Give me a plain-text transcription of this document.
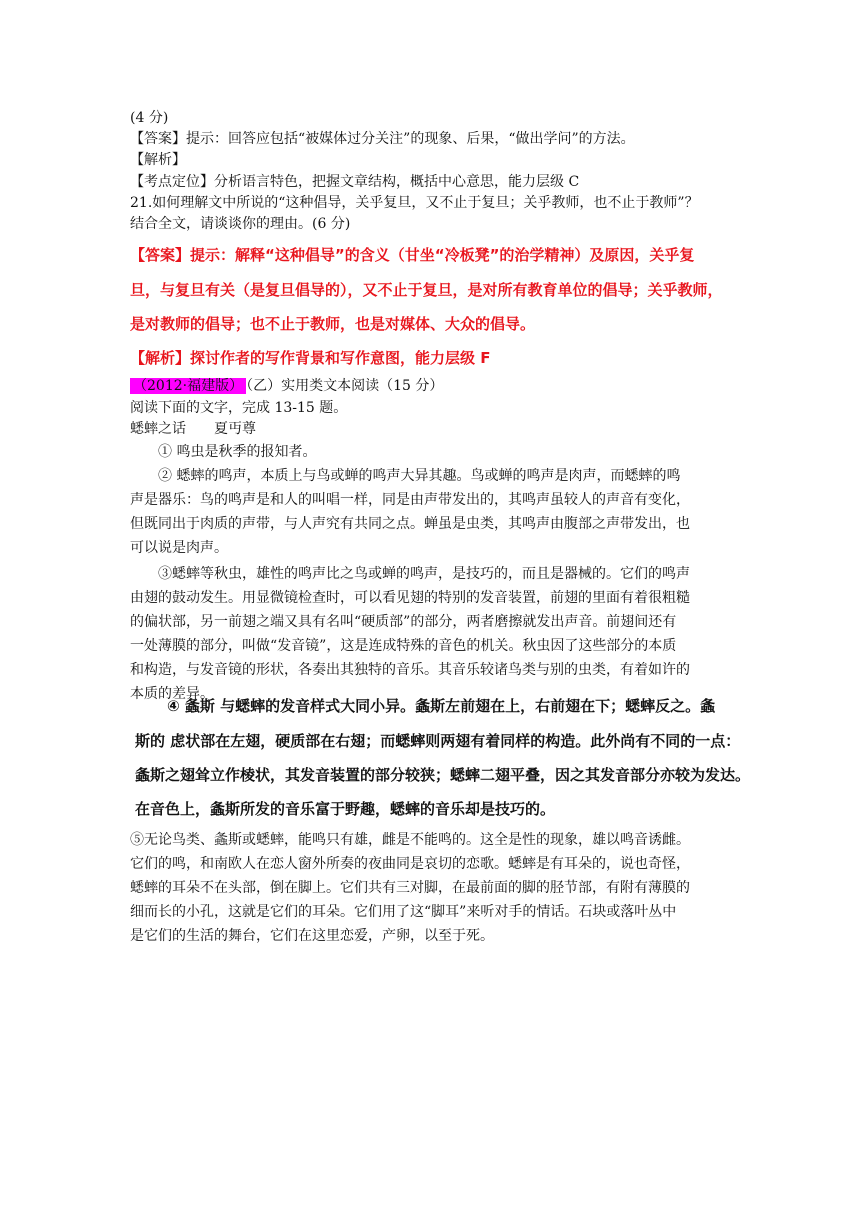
(4 分)
【答案】提示：回答应包括“被媒体过分关注”的现象、后果，“做出学问”的方法。
【解析】
【考点定位】分析语言特色，把握文章结构，概括中心意思，能力层级 C
21.如何理解文中所说的“这种倡导，关乎复旦，又不止于复旦；关乎教师，也不止于教师”？
结合全文，请谈谈你的理由。(6 分)
【答案】提示：解释“这种倡导”的含义（甘坐“冷板凳”的治学精神）及原因，关乎复
旦，与复旦有关（是复旦倡导的），又不止于复旦，是对所有教育单位的倡导；关乎教师，
是对教师的倡导；也不止于教师，也是对媒体、大众的倡导。
【解析】探讨作者的写作背景和写作意图，能力层级 F
（2012·福建版） （乙）实用类文本阅读（15 分）
阅读下面的文字，完成 13-15 题。
蟋蟀之话　　夏丏尊
① 鸣虫是秋季的报知者。
② 蟋蟀的鸣声，本质上与鸟或蝉的鸣声大异其趣。鸟或蝉的鸣声是肉声，而蟋蟀的鸣
声是器乐：鸟的鸣声是和人的叫唱一样，同是由声带发出的，其鸣声虽较人的声音有变化，
但既同出于肉质的声带，与人声究有共同之点。蝉虽是虫类，其鸣声由腹部之声带发出，也
可以说是肉声。
③蟋蟀等秋虫，雄性的鸣声比之鸟或蝉的鸣声，是技巧的，而且是器械的。它们的鸣声
由翅的鼓动发生。用显微镜检查时，可以看见翅的特别的发音装置，前翅的里面有着很粗糙
的偏状部，另一前翅之端又具有名叫“硬质部”的部分，两者磨擦就发出声音。前翅间还有
一处薄膜的部分，叫做“发音镜”，这是连成特殊的音色的机关。秋虫因了这些部分的本质
和构造，与发音镜的形状，各奏出其独特的音乐。其音乐较诸鸟类与别的虫类，有着如许的
本质的差异。
④ 螽斯 与蟋蟀的发音样式大同小异。螽斯左前翅在上，右前翅在下；蟋蟀反之。螽
斯的 虑状部在左翅，硬质部在右翅；而蟋蟀则两翅有着同样的构造。此外尚有不同的一点：
螽斯之翅耸立作棱状，其发音装置的部分较狭；蟋蟀二翅平叠，因之其发音部分亦较为发达。
在音色上，螽斯所发的音乐富于野趣，蟋蟀的音乐却是技巧的。
⑤无论鸟类、螽斯或蟋蟀，能鸣只有雄，雌是不能鸣的。这全是性的现象，雄以鸣音诱雌。
它们的鸣，和南欧人在恋人窗外所奏的夜曲同是哀切的恋歌。蟋蟀是有耳朵的，说也奇怪，
蟋蟀的耳朵不在头部，倒在脚上。它们共有三对脚，在最前面的脚的胫节部，有附有薄膜的
细而长的小孔，这就是它们的耳朵。它们用了这“脚耳”来听对手的情话。石块或落叶丛中
是它们的生活的舞台，它们在这里恋爱，产卵，以至于死。
